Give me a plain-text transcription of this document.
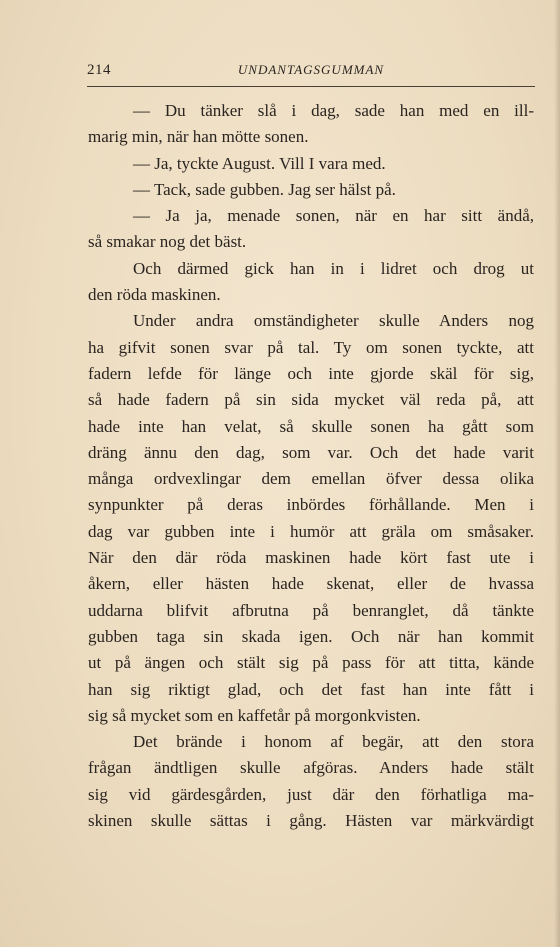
214	UNDANTAGSGUMMAN
— Du tänker slå i dag, sade han med en ill-
marig min, när han mötte sonen.
— Ja, tyckte August. Vill I vara med.
— Tack, sade gubben. Jag ser hälst på.
— Ja ja, menade sonen, när en har sitt ändå,
så smakar nog det bäst.
Och därmed gick han in i lidret och drog ut
den röda maskinen.
Under andra omständigheter skulle Anders nog
ha gifvit sonen svar på tal. Ty om sonen tyckte, att
fadern lefde för länge och inte gjorde skäl för sig,
så hade fadern på sin sida mycket väl reda på, att
hade inte han velat, så skulle sonen ha gått som
dräng ännu den dag, som var. Och det hade varit
många ordvexlingar dem emellan öfver dessa olika
synpunkter på deras inbördes förhållande. Men i
dag var gubben inte i humör att gräla om småsaker.
När den där röda maskinen hade kört fast ute i
åkern, eller hästen hade skenat, eller de hvassa
uddarna blifvit afbrutna på benranglet, då tänkte
gubben taga sin skada igen. Och när han kommit
ut på ängen och stält sig på pass för att titta, kände
han sig riktigt glad, och det fast han inte fått i
sig så mycket som en kaffetår på morgonkvisten.
Det brände i honom af begär, att den stora
frågan ändtligen skulle afgöras. Anders hade stält
sig vid gärdesgården, just där den förhatliga ma-
skinen skulle sättas i gång. Hästen var märkvärdigt
